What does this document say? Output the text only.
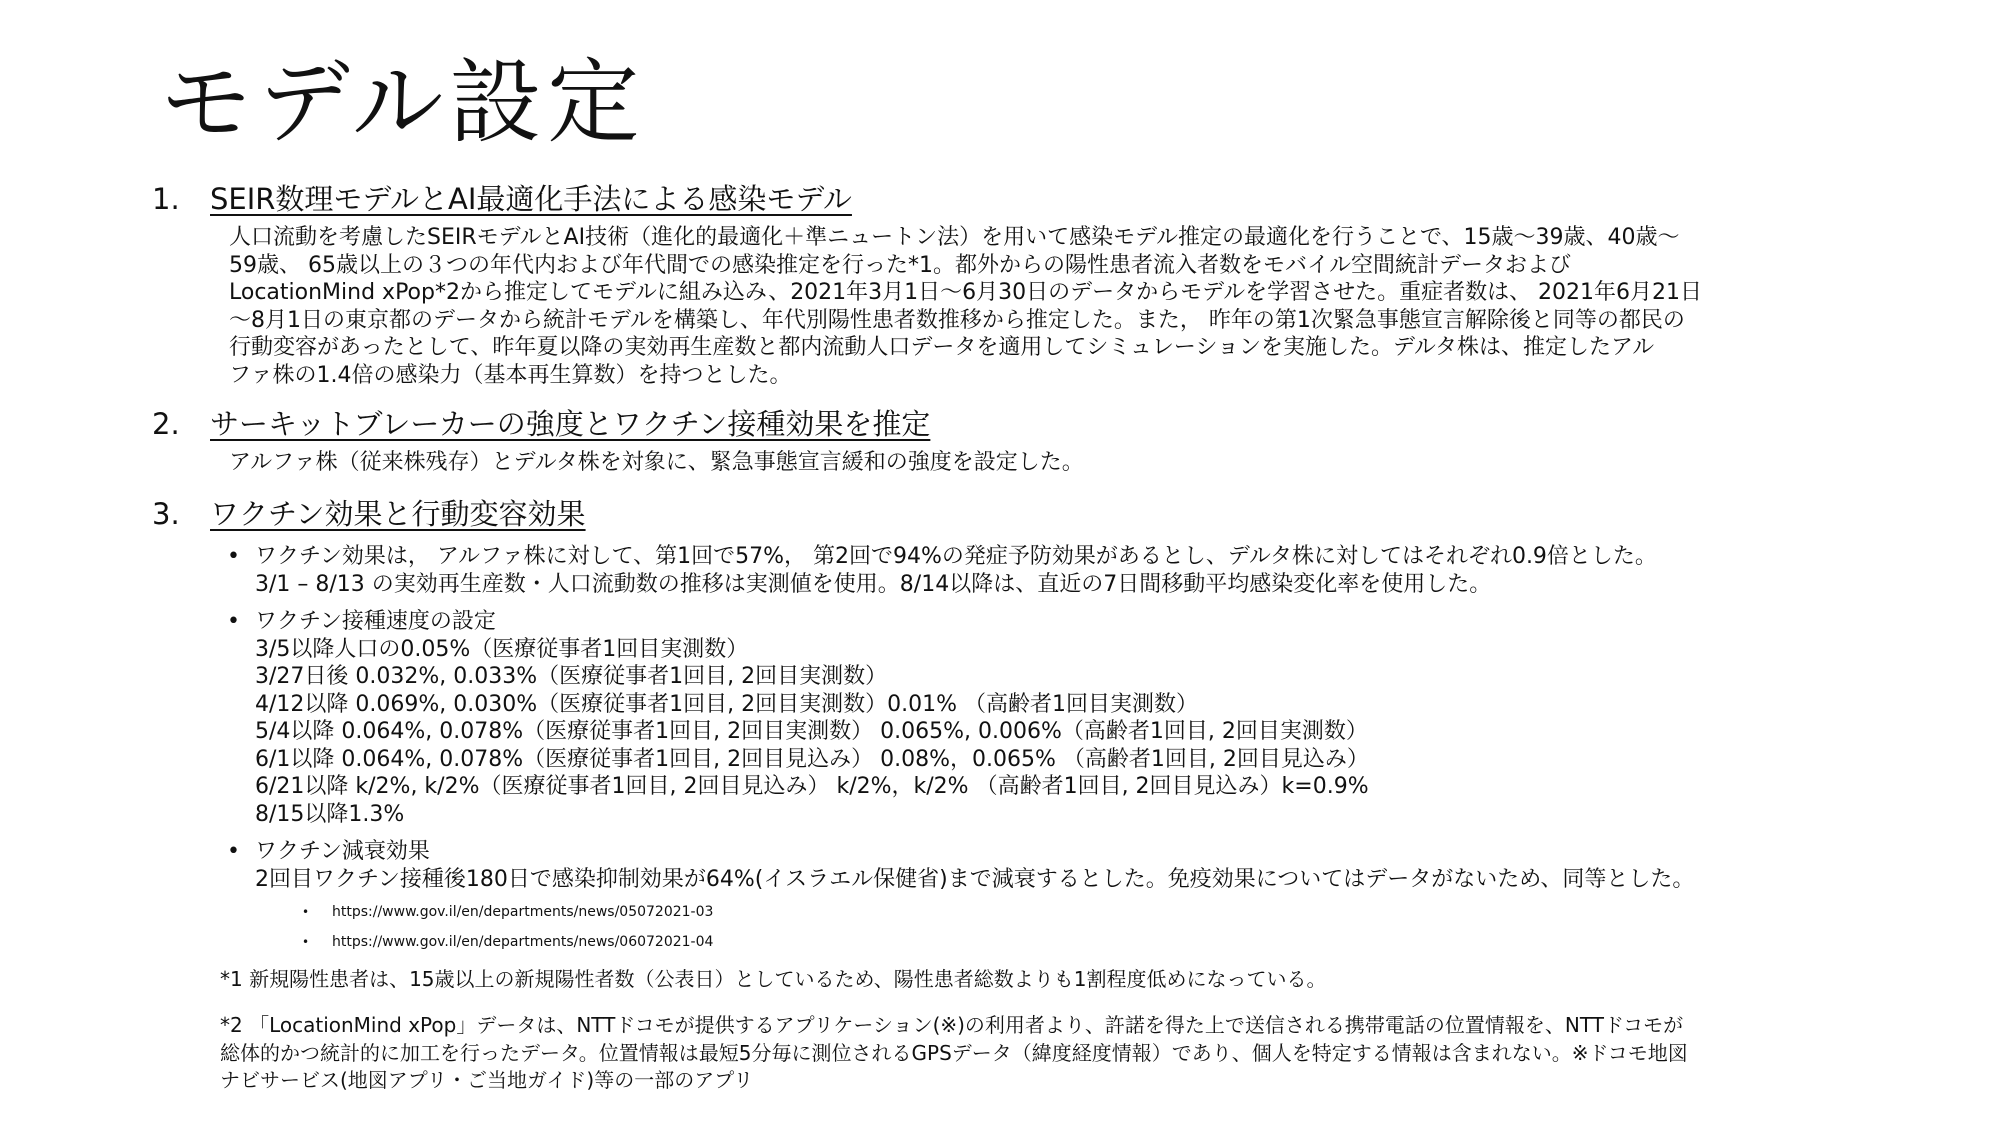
モデル設定
1.	SEIR数理モデルとAI最適化手法による感染モデル
人口流動を考慮したSEIRモデルとAI技術（進化的最適化＋準ニュートン法）を用いて感染モデル推定の最適化を行うことで、15歳〜39歳、40歳〜
59歳、 65歳以上の３つの年代内および年代間での感染推定を行った*1。都外からの陽性患者流入者数をモバイル空間統計データおよび
LocationMind xPop*2から推定してモデルに組み込み、2021年3月1日〜6月30日のデータからモデルを学習させた。重症者数は、 2021年6月21日
〜8月1日の東京都のデータから統計モデルを構築し、年代別陽性患者数推移から推定した。また， 昨年の第1次緊急事態宣言解除後と同等の都民の
行動変容があったとして、昨年夏以降の実効再生産数と都内流動人口データを適用してシミュレーションを実施した。デルタ株は、推定したアル
ファ株の1.4倍の感染力（基本再生算数）を持つとした。
2.	サーキットブレーカーの強度とワクチン接種効果を推定
アルファ株（従来株残存）とデルタ株を対象に、緊急事態宣言緩和の強度を設定した。
3.	ワクチン効果と行動変容効果
• ワクチン効果は， アルファ株に対して、第1回で57%， 第2回で94%の発症予防効果があるとし、デルタ株に対してはそれぞれ0.9倍とした。
3/1 – 8/13 の実効再生産数・人口流動数の推移は実測値を使用。8/14以降は、直近の7日間移動平均感染変化率を使用した。
• ワクチン接種速度の設定
3/5以降人口の0.05%（医療従事者1回目実測数）
3/27日後 0.032%, 0.033%（医療従事者1回目, 2回目実測数）
4/12以降 0.069%, 0.030%（医療従事者1回目, 2回目実測数）0.01% （高齢者1回目実測数）
5/4以降 0.064%, 0.078%（医療従事者1回目, 2回目実測数） 0.065%, 0.006%（高齢者1回目, 2回目実測数）
6/1以降 0.064%, 0.078%（医療従事者1回目, 2回目見込み） 0.08%，0.065% （高齢者1回目, 2回目見込み）
6/21以降 k/2%, k/2%（医療従事者1回目, 2回目見込み） k/2%，k/2% （高齢者1回目, 2回目見込み）k=0.9%
8/15以降1.3%
• ワクチン減衰効果
2回目ワクチン接種後180日で感染抑制効果が64%(イスラエル保健省)まで減衰するとした。免疫効果についてはデータがないため、同等とした。
• https://www.gov.il/en/departments/news/05072021-03
• https://www.gov.il/en/departments/news/06072021-04
*1 新規陽性患者は、15歳以上の新規陽性者数（公表日）としているため、陽性患者総数よりも1割程度低めになっている。
*2 「LocationMind xPop」データは、NTTドコモが提供するアプリケーション(※)の利用者より、許諾を得た上で送信される携帯電話の位置情報を、NTTドコモが
総体的かつ統計的に加工を行ったデータ。位置情報は最短5分毎に測位されるGPSデータ（緯度経度情報）であり、個人を特定する情報は含まれない。※ドコモ地図
ナビサービス(地図アプリ・ご当地ガイド)等の一部のアプリ
